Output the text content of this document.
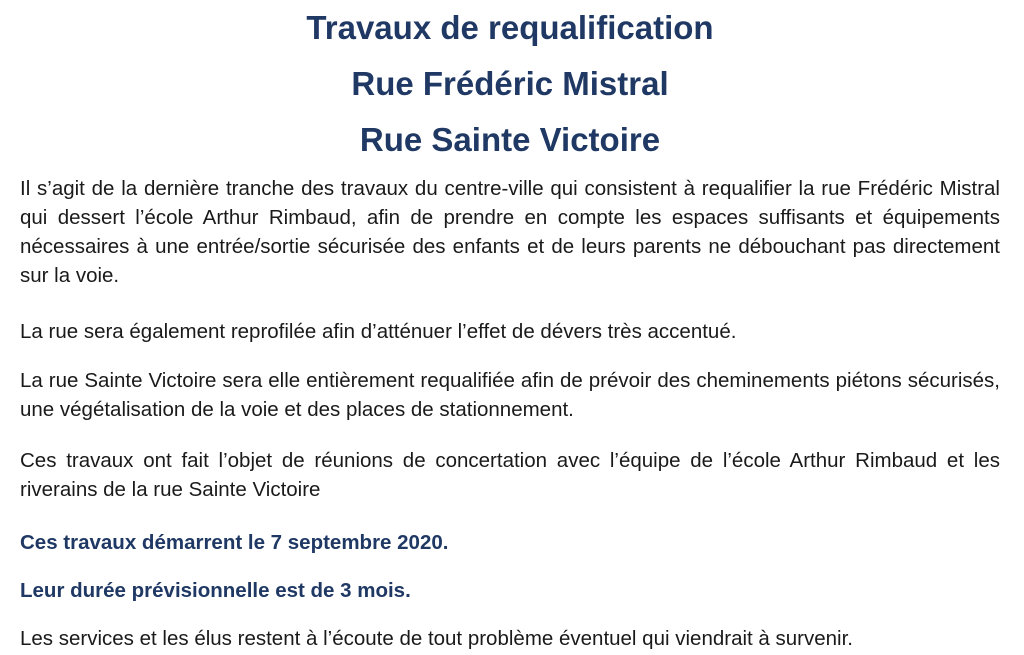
Travaux de requalification
Rue Frédéric Mistral
Rue Sainte Victoire

Il s’agit de la dernière tranche des travaux du centre-ville qui consistent à requalifier la rue Frédéric Mistral qui dessert l’école Arthur Rimbaud, afin de prendre en compte les espaces suffisants et équipements nécessaires à une entrée/sortie sécurisée des enfants et de leurs parents ne débouchant pas directement sur la voie.

La rue sera également reprofilée afin d’atténuer l’effet de dévers très accentué.

La rue Sainte Victoire sera elle entièrement requalifiée afin de prévoir des cheminements piétons sécurisés, une végétalisation de la voie et des places de stationnement.

Ces travaux ont fait l’objet de réunions de concertation avec l’équipe de l’école Arthur Rimbaud et les riverains de la rue Sainte Victoire

Ces travaux démarrent le 7 septembre 2020.

Leur durée prévisionnelle est de 3 mois.

Les services et les élus restent à l’écoute de tout problème éventuel qui viendrait à survenir.
